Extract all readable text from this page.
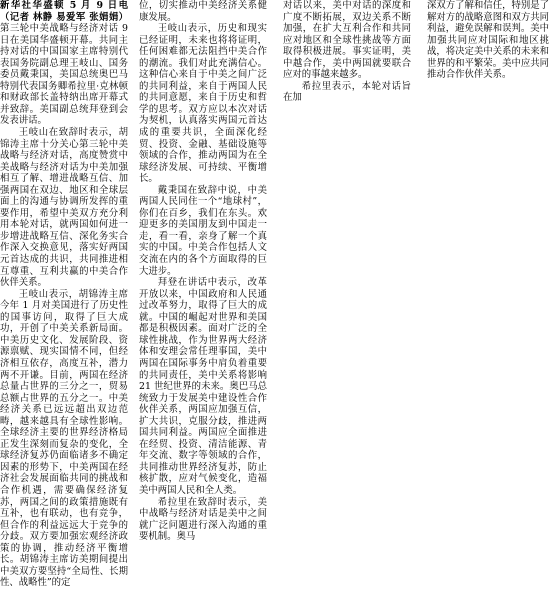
新华社华盛顿 5 月 9 日电 （记者 林静 易爱军 张娟娟）第三轮中美战略与经济对话 9 日在美国华盛顿开幕。共同主持对话的中国国家主席特别代表国务院副总理王岐山、国务委员戴秉国，美国总统奥巴马特别代表国务卿希拉里·克林顿和财政部长盖特纳出席开幕式并致辞。美国副总统拜登到会发表讲话。

王岐山在致辞时表示，胡锦涛主席十分关心第三轮中美战略与经济对话，高度赞赏中美战略与经济对话为中美加强相互了解、增进战略互信、加强两国在双边、地区和全球层面上的沟通与协调所发挥的重要作用，希望中美双方充分利用本轮对话，就两国如何进一步增进战略互信、深化务实合作深入交换意见，落实好两国元首达成的共识，共同推进相互尊重、互利共赢的中美合作伙伴关系。

王岐山表示，胡锦涛主席今年 1 月对美国进行了历史性的国事访问，取得了巨大成功，开创了中美关系新局面。中美历史文化、发展阶段、资源禀赋、现实国情不同，但经济相互依存，高度互补，潜力两不开谦。目前，两国在经济总量占世界的三分之一，贸易总额占世界的五分之一。中美经济关系已远远超出双边范畴，越来越具有全球性影响。全球经济主要的世界经济格局正发生深刻而复杂的变化，全球经济复苏仍面临诸多不确定因素的形势下，中美两国在经济社会发展面临共同的挑战和合作机遇，需要确保经济复苏，两国之间的政策措施既有互补，也有联动，也有竞争，但合作的利益远远大于竞争的分歧。双方要加强宏观经济政策的协调，推动经济平衡增长。胡锦涛主席访美期间提出中美双方要坚持“全局性、长期性、战略性”的定

位，切实推动中美经济关系健康发展。

王岐山表示，历史和现实已经证明，未来也将将证明，任何困难都无法阻挡中美合作的潮流。我们对此充满信心。这种信心来自于中美之间广泛的共同利益，来自于两国人民的共同意愿，来自于历史和哲学的思考。双方应以本次对话为契机，认真落实两国元首达成的重要共识，全面深化经贸、投资、金融、基础设施等领域的合作，推动两国为在全球经济发展、可持续、平衡增长。

戴秉国在致辞中说，中美两国人民同住一个“地球村”，你们在百乡，我们在东头。欢迎更多的美国朋友到中国走一走，看一看，亲身了解一个真实的中国。中美合作包括人文交流在内的各个方面取得的巨大进步。

拜登在讲话中表示，改革开放以来，中国政府和人民通过改革努力，取得了巨大的成就。中国的崛起对世界和美国都是积极因素。面对广泛的全球性挑战，作为世界两大经济体和安理会常任理事国，美中两国在国际事务中肩负着重要的共同责任，美中关系将影响 21 世纪世界的未来。奥巴马总统致力于发展美中建设性合作伙伴关系，两国应加强互信，扩大共识，克服分歧，推进两国共同利益。两国应全面推进在经贸、投资、清洁能源、青年交流、数字等领域的合作，共同推动世界经济复苏，防止核扩散，应对气候变化，造福美中两国人民和全人类。

希拉里在致辞时表示，美中战略与经济对话是美中之间就广泛问题进行深入沟通的重要机制。奥马

对话以来，美中对话的深度和广度不断拓展，双边关系不断加强，在扩大互利合作和共同应对地区和全球性挑战等方面取得积极进展。事实证明，美中越合作，美中两国就要联合应对的事越来越多。

希拉里表示，本轮对话旨在加

深双方了解和信任，特别是了解对方的战略意图和双方共同利益，避免误解和误判。美中加强共同应对国际和地区挑战，将决定美中关系的未来和世界的和平繁荣。美中应共同推动合作伙伴关系。
